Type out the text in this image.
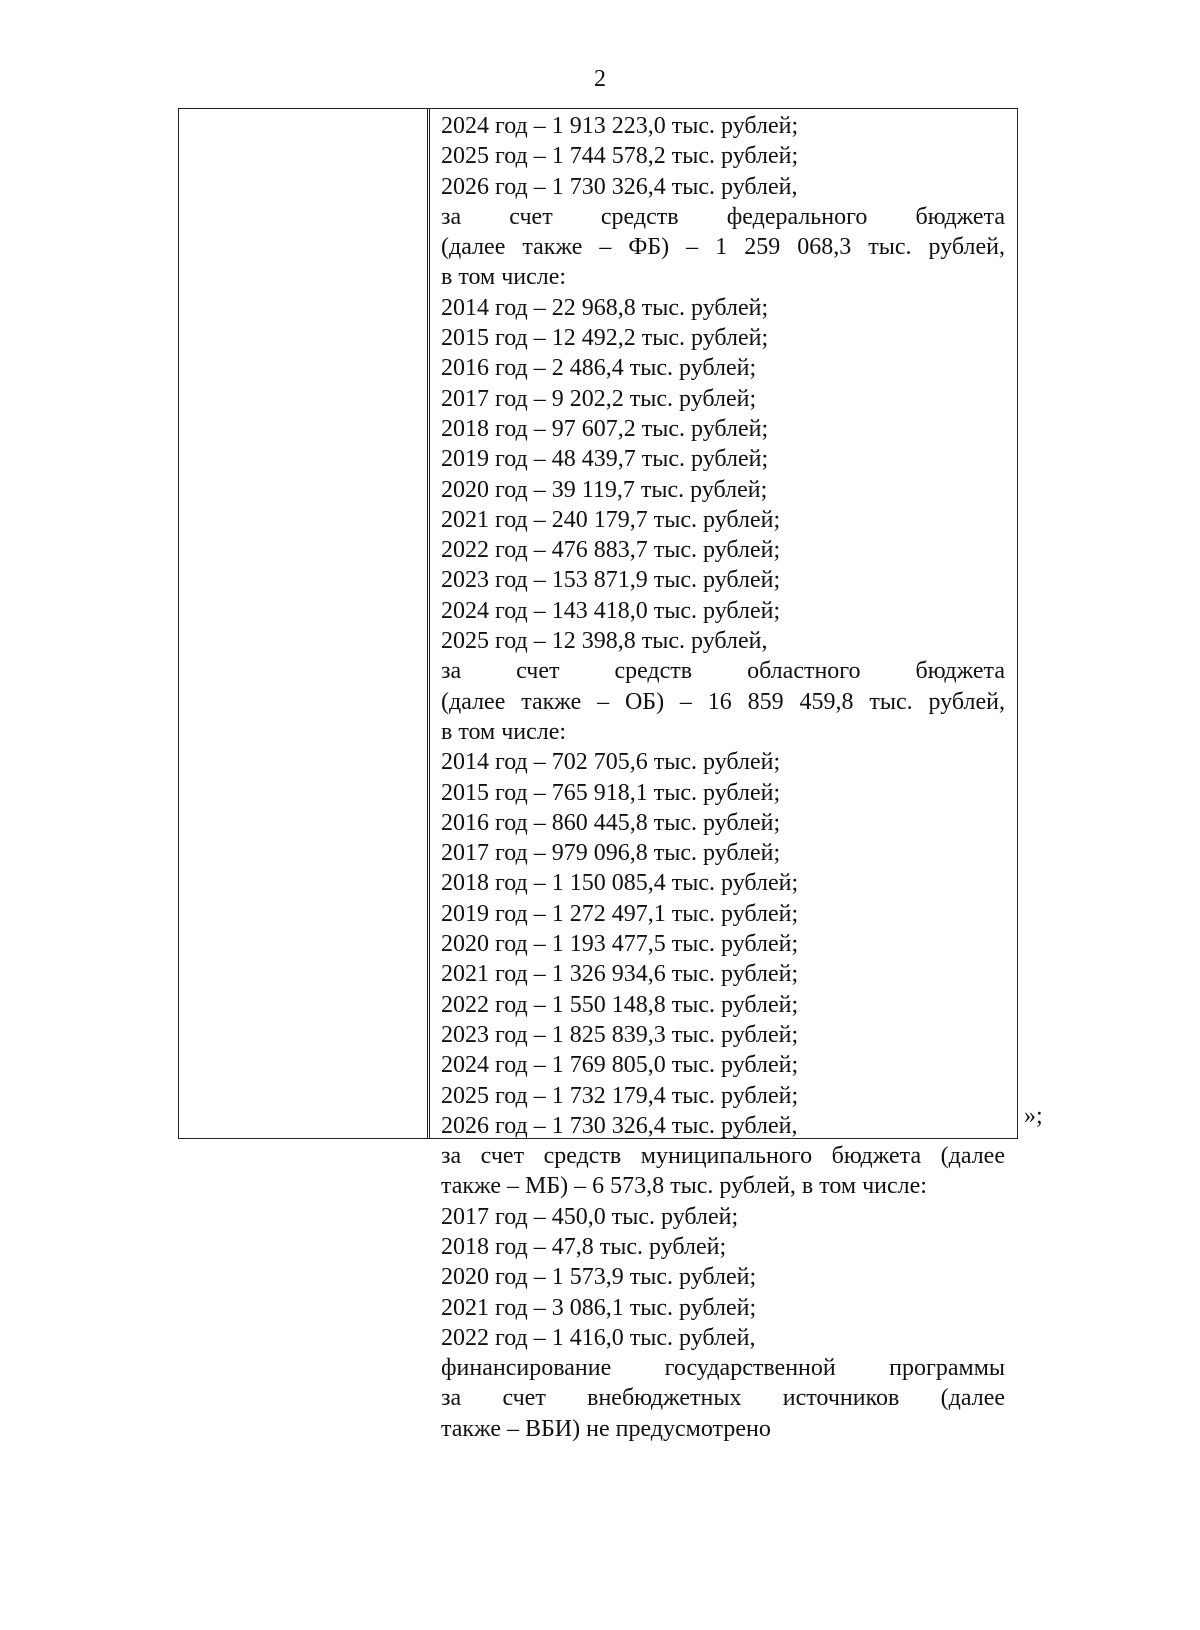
2
2024 год – 1 913 223,0 тыс. рублей;
2025 год – 1 744 578,2 тыс. рублей;
2026 год – 1 730 326,4 тыс. рублей,
за счет средств федерального бюджета
(далее также – ФБ) – 1 259 068,3 тыс. рублей,
в том числе:
2014 год – 22 968,8 тыс. рублей;
2015 год – 12 492,2 тыс. рублей;
2016 год – 2 486,4 тыс. рублей;
2017 год – 9 202,2 тыс. рублей;
2018 год – 97 607,2 тыс. рублей;
2019 год – 48 439,7 тыс. рублей;
2020 год – 39 119,7 тыс. рублей;
2021 год – 240 179,7 тыс. рублей;
2022 год – 476 883,7 тыс. рублей;
2023 год – 153 871,9 тыс. рублей;
2024 год – 143 418,0 тыс. рублей;
2025 год – 12 398,8 тыс. рублей,
за счет средств областного бюджета
(далее также – ОБ) – 16 859 459,8 тыс. рублей,
в том числе:
2014 год – 702 705,6 тыс. рублей;
2015 год – 765 918,1 тыс. рублей;
2016 год – 860 445,8 тыс. рублей;
2017 год – 979 096,8 тыс. рублей;
2018 год – 1 150 085,4 тыс. рублей;
2019 год – 1 272 497,1 тыс. рублей;
2020 год – 1 193 477,5 тыс. рублей;
2021 год – 1 326 934,6 тыс. рублей;
2022 год – 1 550 148,8 тыс. рублей;
2023 год – 1 825 839,3 тыс. рублей;
2024 год – 1 769 805,0 тыс. рублей;
2025 год – 1 732 179,4 тыс. рублей;
2026 год – 1 730 326,4 тыс. рублей,
за счет средств муниципального бюджета (далее
также – МБ) – 6 573,8 тыс. рублей, в том числе:
2017 год – 450,0 тыс. рублей;
2018 год – 47,8 тыс. рублей;
2020 год – 1 573,9 тыс. рублей;
2021 год – 3 086,1 тыс. рублей;
2022 год – 1 416,0 тыс. рублей,
финансирование государственной программы
за счет внебюджетных источников (далее
также – ВБИ) не предусмотрено
»;
